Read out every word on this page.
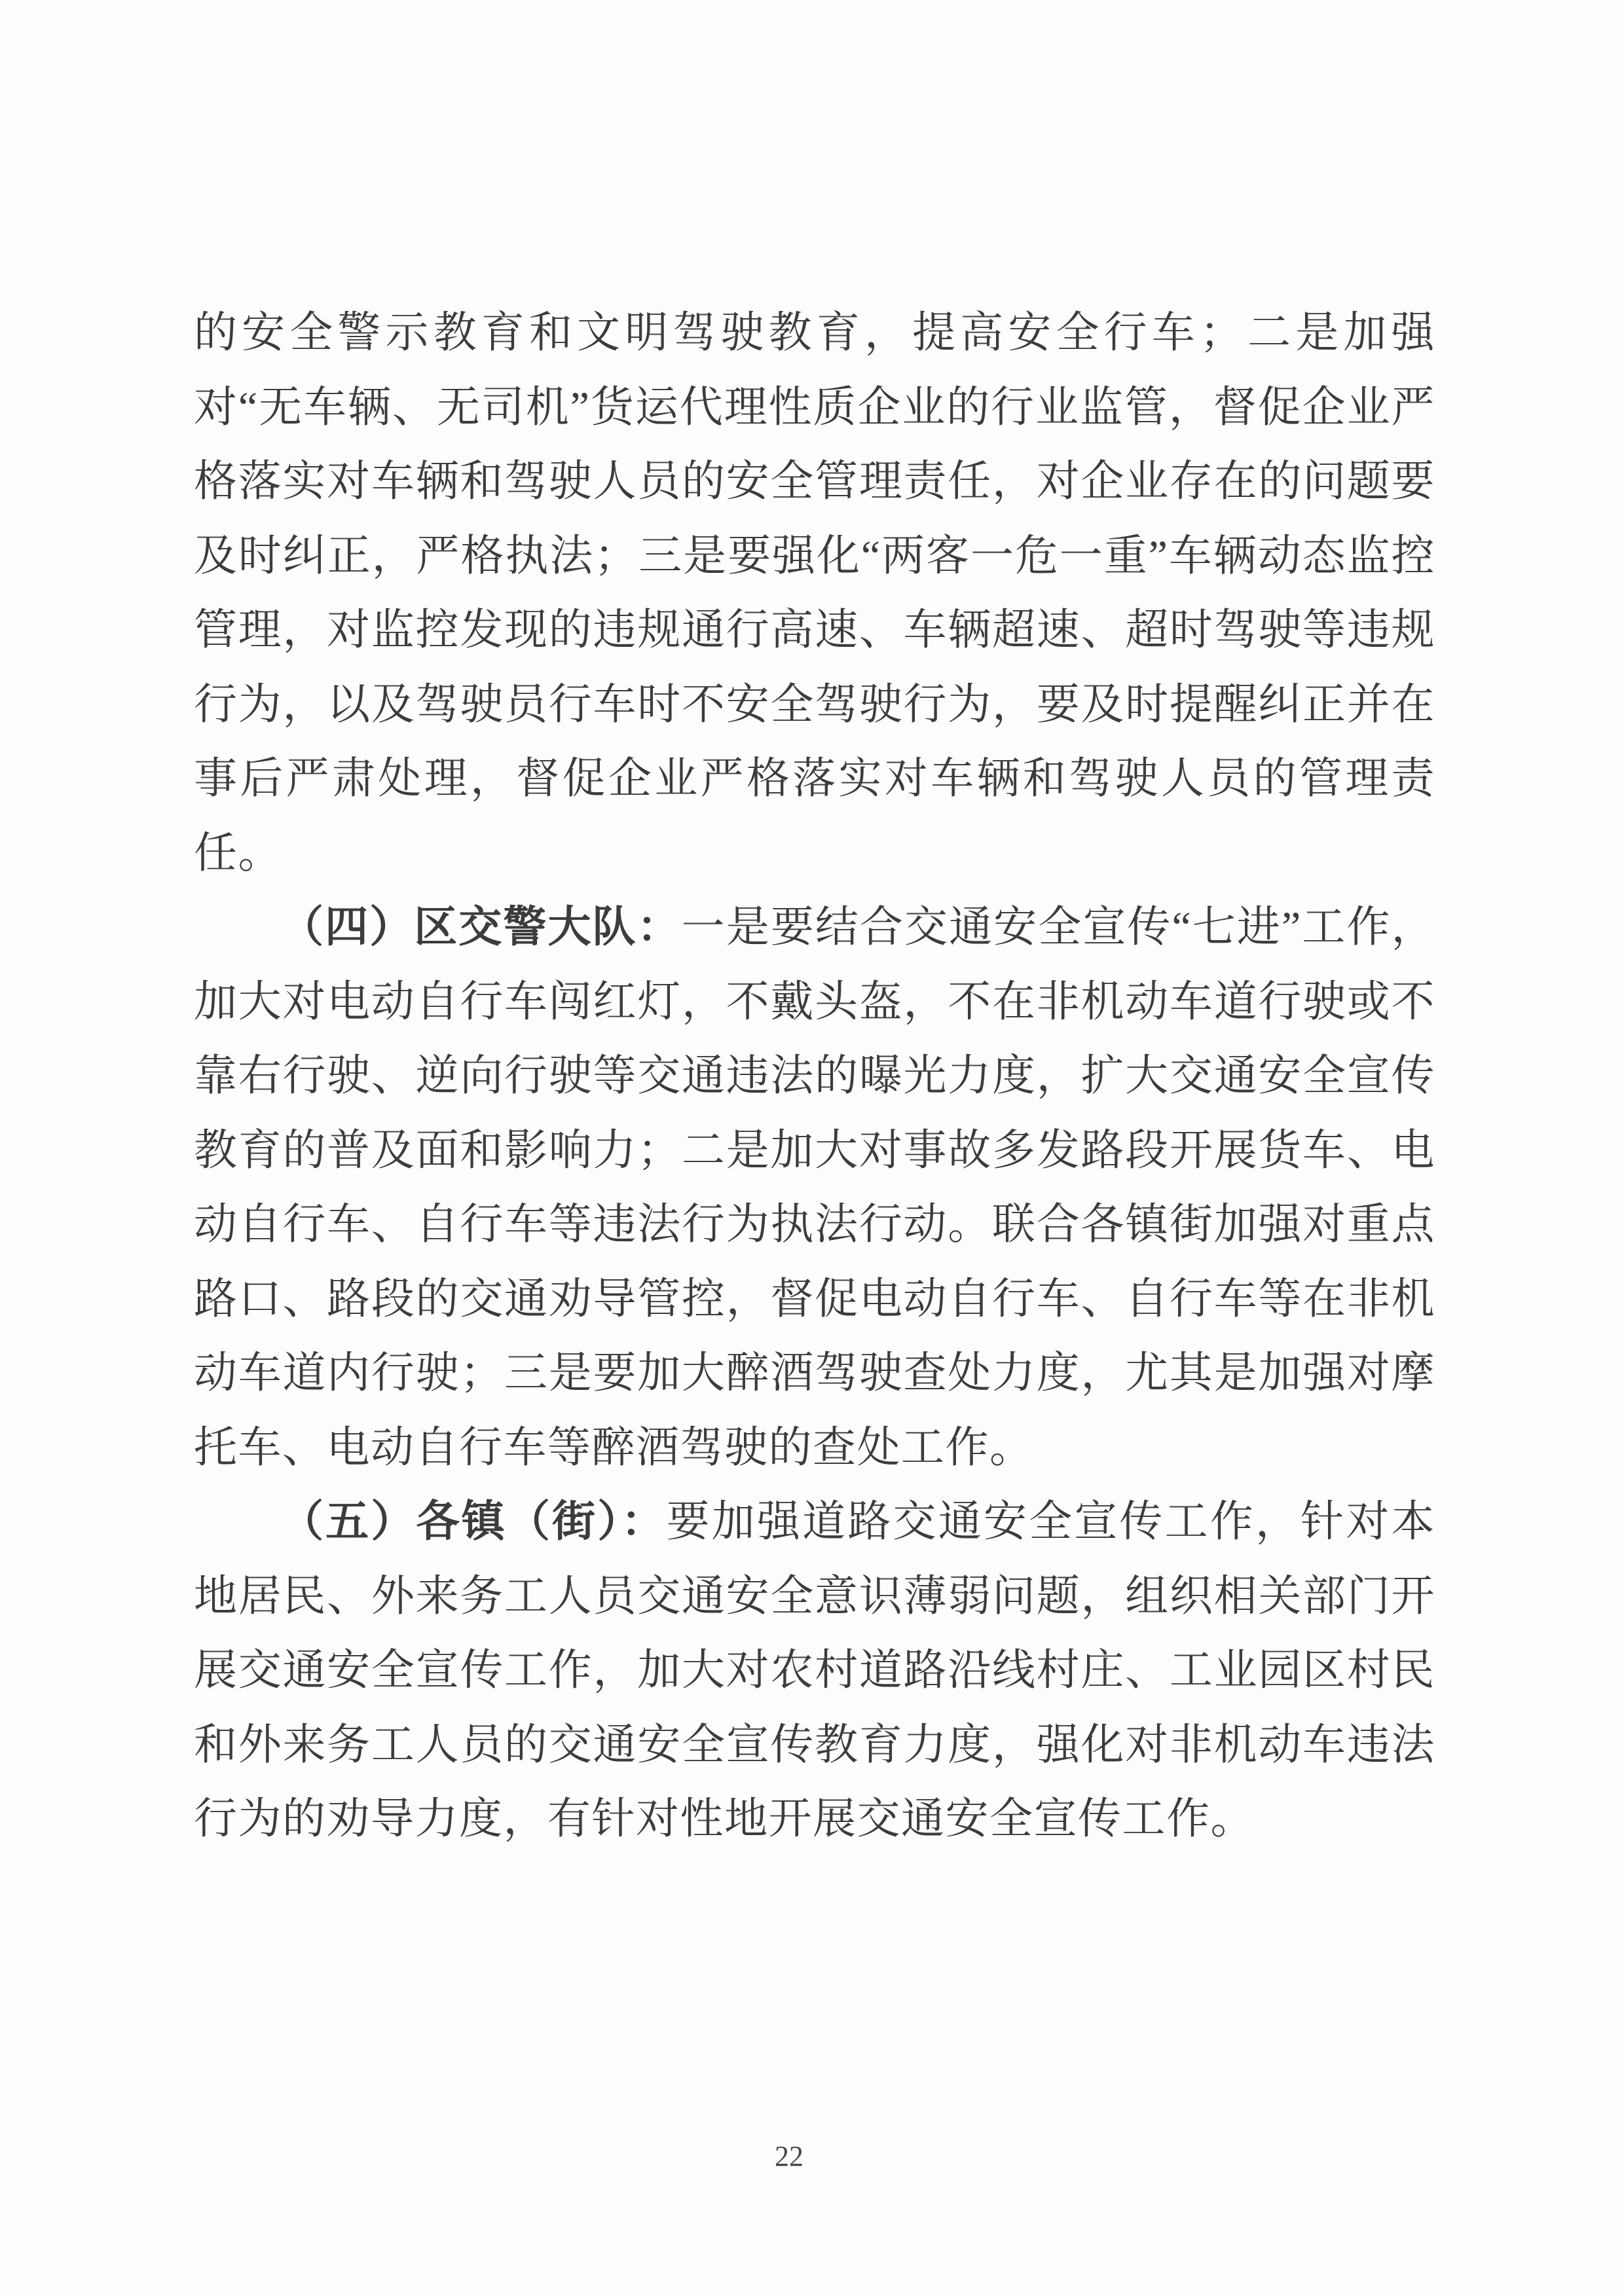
的安全警示教育和文明驾驶教育，提高安全行车；二是加强对“无车辆、无司机”货运代理性质企业的行业监管，督促企业严格落实对车辆和驾驶人员的安全管理责任，对企业存在的问题要及时纠正，严格执法；三是要强化“两客一危一重”车辆动态监控管理，对监控发现的违规通行高速、车辆超速、超时驾驶等违规行为，以及驾驶员行车时不安全驾驶行为，要及时提醒纠正并在事后严肃处理，督促企业严格落实对车辆和驾驶人员的管理责任。

（四）区交警大队：一是要结合交通安全宣传“七进”工作，加大对电动自行车闯红灯，不戴头盔，不在非机动车道行驶或不靠右行驶、逆向行驶等交通违法的曝光力度，扩大交通安全宣传教育的普及面和影响力；二是加大对事故多发路段开展货车、电动自行车、自行车等违法行为执法行动。联合各镇街加强对重点路口、路段的交通劝导管控，督促电动自行车、自行车等在非机动车道内行驶；三是要加大醉酒驾驶查处力度，尤其是加强对摩托车、电动自行车等醉酒驾驶的查处工作。

（五）各镇（街）：要加强道路交通安全宣传工作，针对本地居民、外来务工人员交通安全意识薄弱问题，组织相关部门开展交通安全宣传工作，加大对农村道路沿线村庄、工业园区村民和外来务工人员的交通安全宣传教育力度，强化对非机动车违法行为的劝导力度，有针对性地开展交通安全宣传工作。

22
